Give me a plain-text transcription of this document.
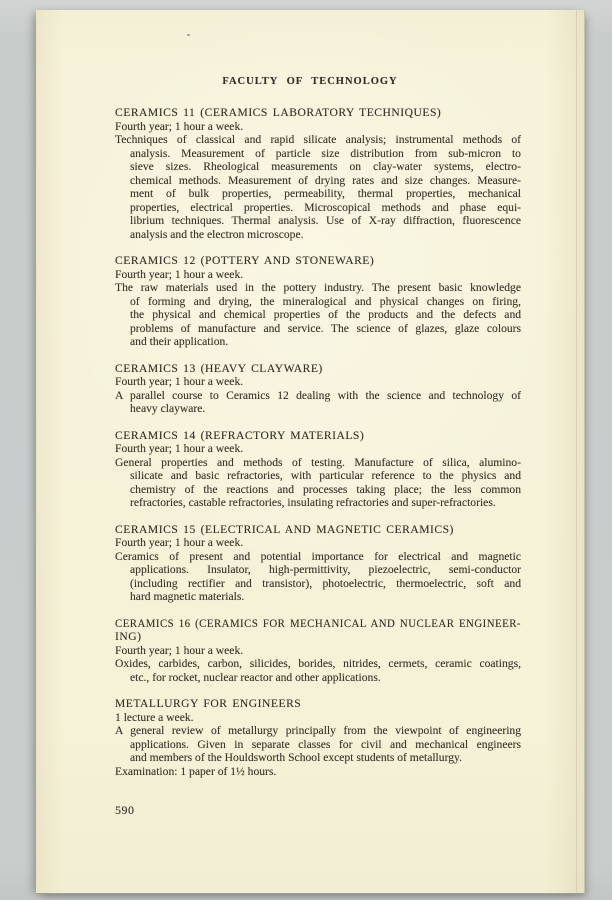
FACULTY OF TECHNOLOGY
CERAMICS 11 (CERAMICS LABORATORY TECHNIQUES)
Fourth year; 1 hour a week.
Techniques of classical and rapid silicate analysis; instrumental methods of
analysis. Measurement of particle size distribution from sub-micron to
sieve sizes. Rheological measurements on clay-water systems, electro-
chemical methods. Measurement of drying rates and size changes. Measure-
ment of bulk properties, permeability, thermal properties, mechanical
properties, electrical properties. Microscopical methods and phase equi-
librium techniques. Thermal analysis. Use of X-ray diffraction, fluorescence
analysis and the electron microscope.
CERAMICS 12 (POTTERY AND STONEWARE)
Fourth year; 1 hour a week.
The raw materials used in the pottery industry. The present basic knowledge
of forming and drying, the mineralogical and physical changes on firing,
the physical and chemical properties of the products and the defects and
problems of manufacture and service. The science of glazes, glaze colours
and their application.
CERAMICS 13 (HEAVY CLAYWARE)
Fourth year; 1 hour a week.
A parallel course to Ceramics 12 dealing with the science and technology of
heavy clayware.
CERAMICS 14 (REFRACTORY MATERIALS)
Fourth year; 1 hour a week.
General properties and methods of testing. Manufacture of silica, alumino-
silicate and basic refractories, with particular reference to the physics and
chemistry of the reactions and processes taking place; the less common
refractories, castable refractories, insulating refractories and super-refractories.
CERAMICS 15 (ELECTRICAL AND MAGNETIC CERAMICS)
Fourth year; 1 hour a week.
Ceramics of present and potential importance for electrical and magnetic
applications. Insulator, high-permittivity, piezoelectric, semi-conductor
(including rectifier and transistor), photoelectric, thermoelectric, soft and
hard magnetic materials.
CERAMICS 16 (CERAMICS FOR MECHANICAL AND NUCLEAR ENGINEER-
ING)
Fourth year; 1 hour a week.
Oxides, carbides, carbon, silicides, borides, nitrides, cermets, ceramic coatings,
etc., for rocket, nuclear reactor and other applications.
METALLURGY FOR ENGINEERS
1 lecture a week.
A general review of metallurgy principally from the viewpoint of engineering
applications. Given in separate classes for civil and mechanical engineers
and members of the Houldsworth School except students of metallurgy.
Examination: 1 paper of 1½ hours.
590
